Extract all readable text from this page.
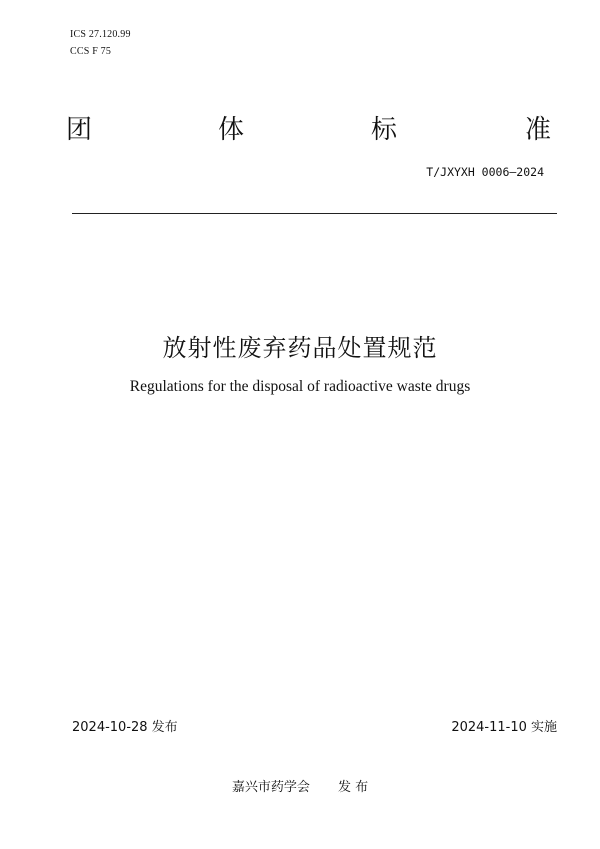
ICS 27.120.99
CCS F 75
团	体	标	准
T/JXYXH 0006—2024
放射性废弃药品处置规范
Regulations for the disposal of radioactive waste drugs
2024-10-28 发布	2024-11-10 实施
嘉兴市药学会 发 布
